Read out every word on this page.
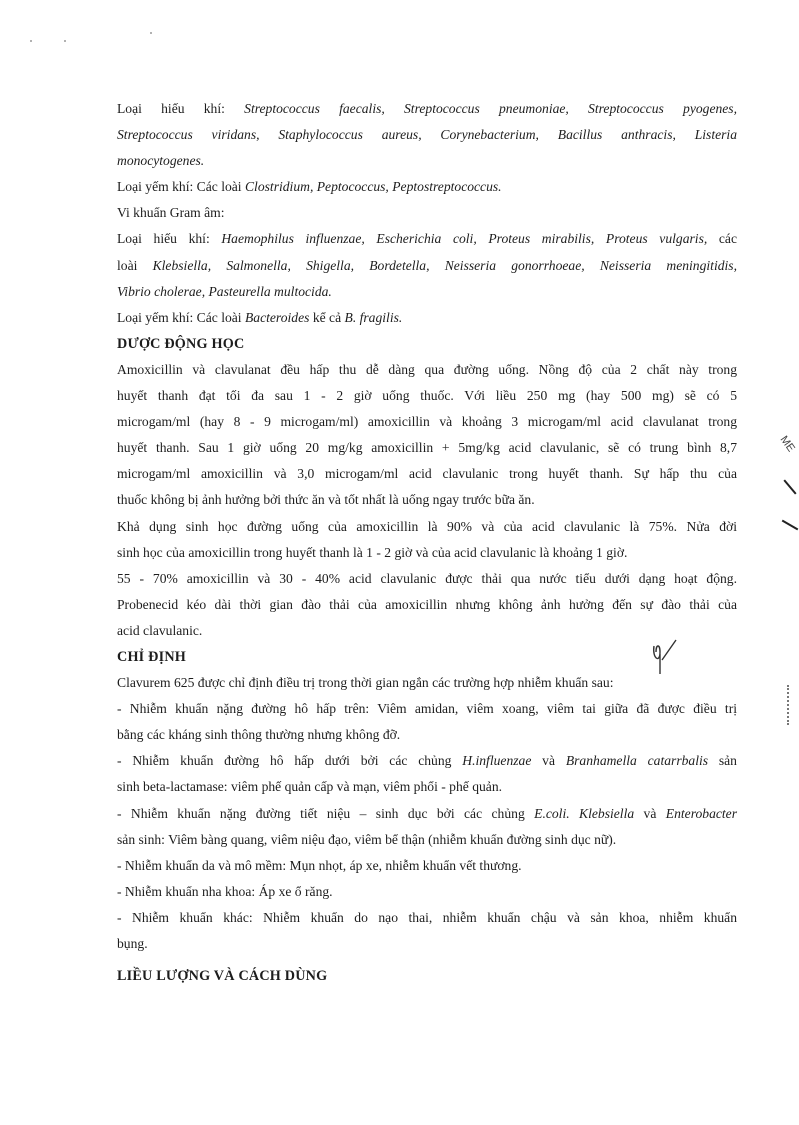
Loại hiếu khí: Streptococcus faecalis, Streptococcus pneumoniae, Streptococcus pyogenes,
Streptococcus viridans, Staphylococcus aureus, Corynebacterium, Bacillus anthracis, Listeria
monocytogenes.
Loại yếm khí: Các loài Clostridium, Peptococcus, Peptostreptococcus.
Vi khuẩn Gram âm:
Loại hiếu khí: Haemophilus influenzae, Escherichia coli, Proteus mirabilis, Proteus vulgaris, các
loài Klebsiella, Salmonella, Shigella, Bordetella, Neisseria gonorrhoeae, Neisseria meningitidis,
Vibrio cholerae, Pasteurella multocida.
Loại yếm khí: Các loài Bacteroides kể cả B. fragilis.
DƯỢC ĐỘNG HỌC
Amoxicillin và clavulanat đều hấp thu dễ dàng qua đường uống. Nồng độ của 2 chất này trong
huyết thanh đạt tối đa sau 1 - 2 giờ uống thuốc. Với liều 250 mg (hay 500 mg) sẽ có 5
microgam/ml (hay 8 - 9 microgam/ml) amoxicillin và khoảng 3 microgam/ml acid clavulanat trong
huyết thanh. Sau 1 giờ uống 20 mg/kg amoxicillin + 5mg/kg acid clavulanic, sẽ có trung bình 8,7
microgam/ml amoxicillin và 3,0 microgam/ml acid clavulanic trong huyết thanh. Sự hấp thu của
thuốc không bị ảnh hưởng bởi thức ăn và tốt nhất là uống ngay trước bữa ăn.
Khả dụng sinh học đường uống của amoxicillin là 90% và của acid clavulanic là 75%. Nửa đời
sinh học của amoxicillin trong huyết thanh là 1 - 2 giờ và của acid clavulanic là khoảng 1 giờ.
55 - 70% amoxicillin và 30 - 40% acid clavulanic được thải qua nước tiểu dưới dạng hoạt động.
Probenecid kéo dài thời gian đào thải của amoxicillin nhưng không ảnh hưởng đến sự đào thải của
acid clavulanic.
CHỈ ĐỊNH
Clavurem 625 được chỉ định điều trị trong thời gian ngắn các trường hợp nhiễm khuẩn sau:
- Nhiễm khuẩn nặng đường hô hấp trên: Viêm amidan, viêm xoang, viêm tai giữa đã được điều trị
bằng các kháng sinh thông thường nhưng không đỡ.
- Nhiễm khuẩn đường hô hấp dưới bởi các chủng H.influenzae và Branhamella catarrbalis sản
sinh beta-lactamase: viêm phế quản cấp và mạn, viêm phổi - phế quản.
- Nhiễm khuẩn nặng đường tiết niệu – sinh dục bởi các chủng E.coli. Klebsiella và Enterobacter
sản sinh: Viêm bàng quang, viêm niệu đạo, viêm bể thận (nhiễm khuẩn đường sinh dục nữ).
- Nhiễm khuẩn da và mô mềm: Mụn nhọt, áp xe, nhiễm khuẩn vết thương.
- Nhiễm khuẩn nha khoa: Áp xe ổ răng.
- Nhiễm khuẩn khác: Nhiễm khuẩn do nạo thai, nhiễm khuẩn chậu và sản khoa, nhiễm khuẩn
bụng.
LIỀU LƯỢNG VÀ CÁCH DÙNG
ME
